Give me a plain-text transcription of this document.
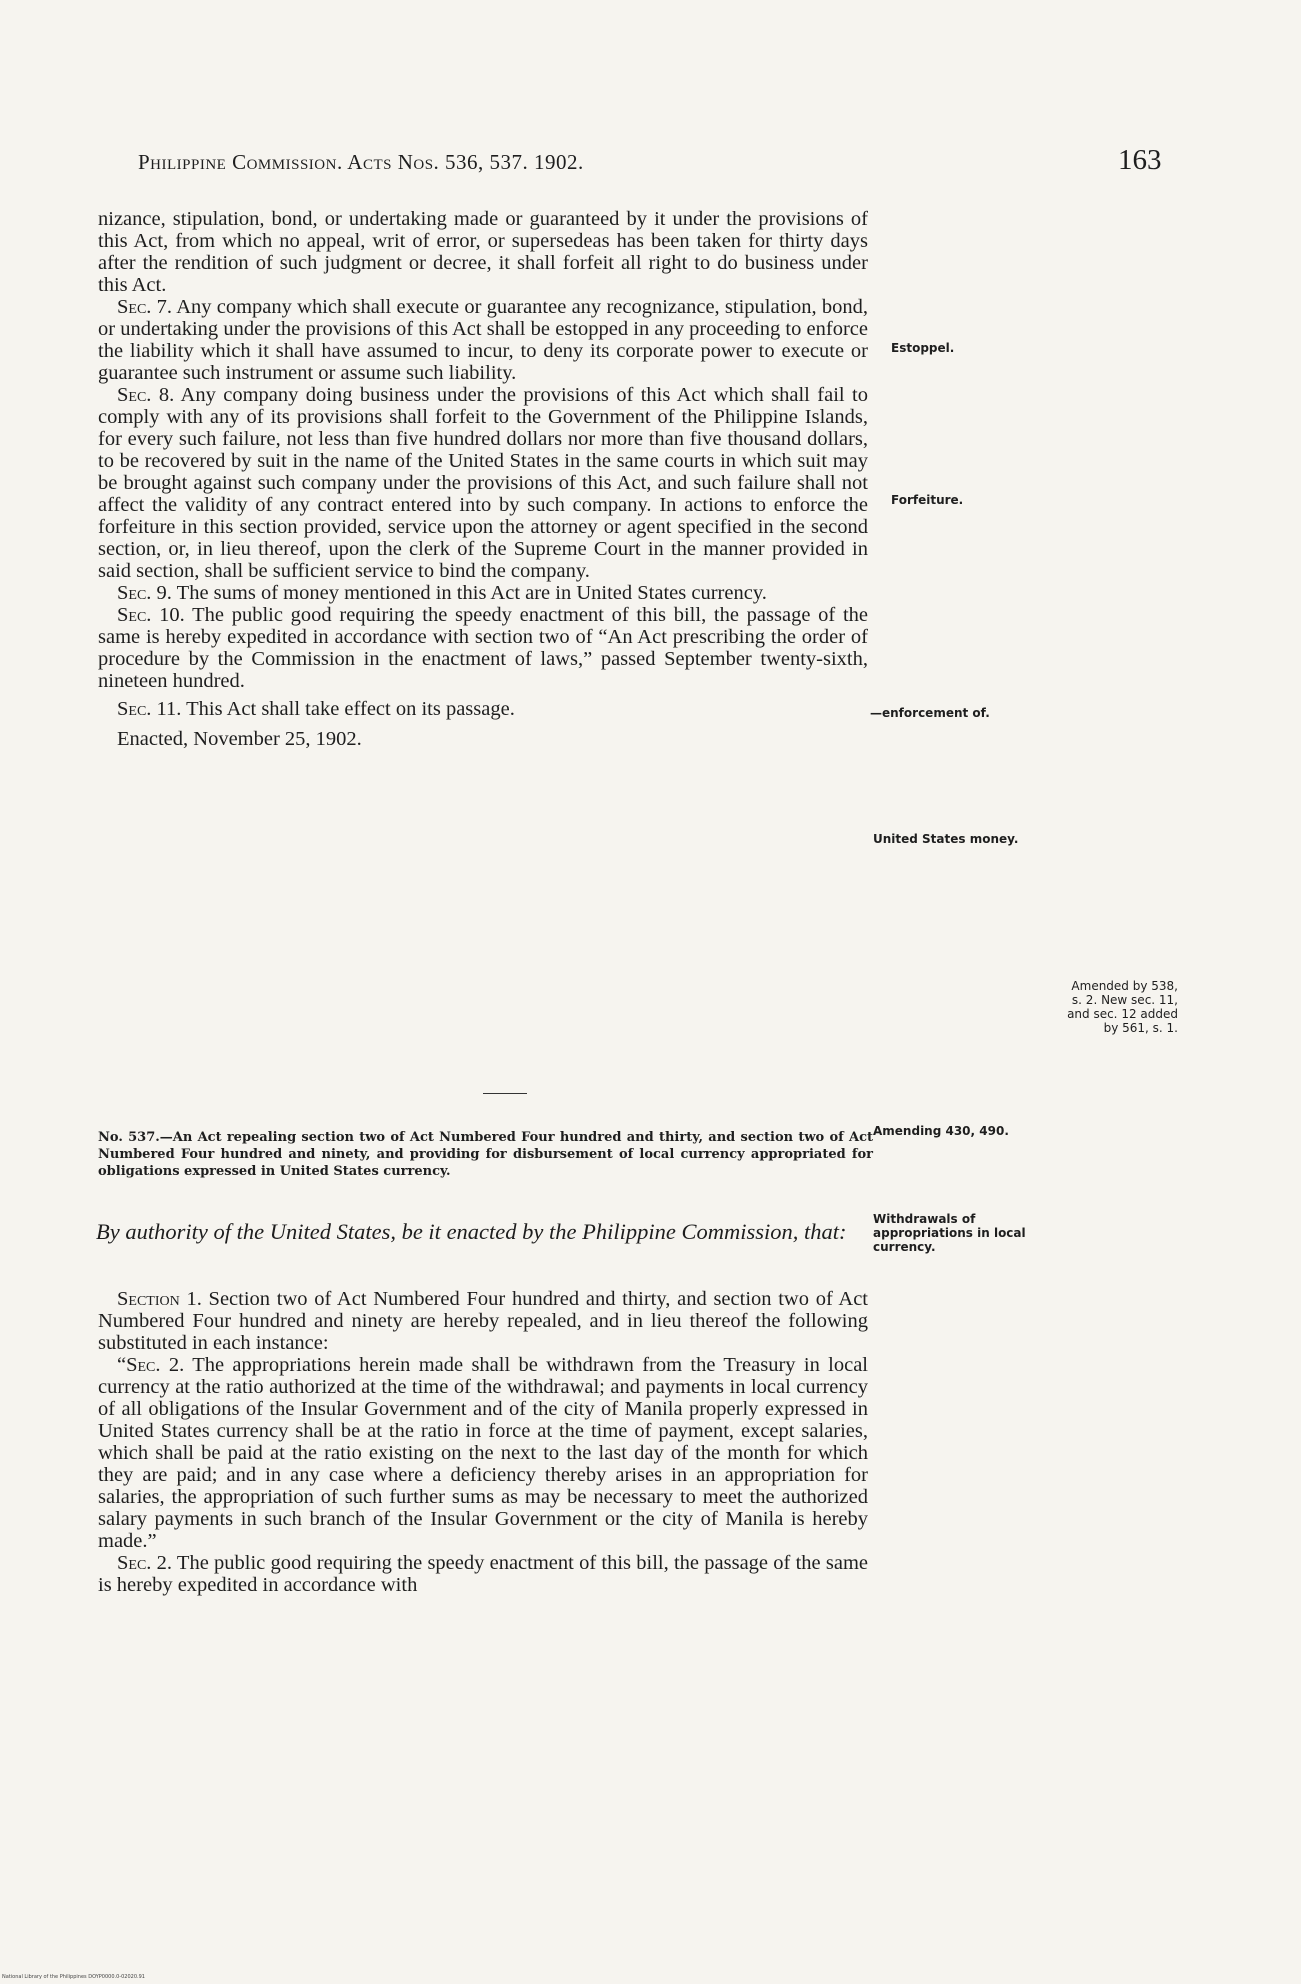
Philippine Commission. Acts Nos. 536, 537. 1902.	163

nizance, stipulation, bond, or undertaking made or guaranteed by it under the provisions of this Act, from which no appeal, writ of error, or supersedeas has been taken for thirty days after the rendition of such judgment or decree, it shall forfeit all right to do business under this Act.

Sec. 7. Any company which shall execute or guarantee any recognizance, stipulation, bond, or undertaking under the provisions of this Act shall be estopped in any proceeding to enforce the liability which it shall have assumed to incur, to deny its corporate power to execute or guarantee such instrument or assume such liability.

Sec. 8. Any company doing business under the provisions of this Act which shall fail to comply with any of its provisions shall forfeit to the Government of the Philippine Islands, for every such failure, not less than five hundred dollars nor more than five thousand dollars, to be recovered by suit in the name of the United States in the same courts in which suit may be brought against such company under the provisions of this Act, and such failure shall not affect the validity of any contract entered into by such company. In actions to enforce the forfeiture in this section provided, service upon the attorney or agent specified in the second section, or, in lieu thereof, upon the clerk of the Supreme Court in the manner provided in said section, shall be sufficient service to bind the company.

Sec. 9. The sums of money mentioned in this Act are in United States currency.

Sec. 10. The public good requiring the speedy enactment of this bill, the passage of the same is hereby expedited in accordance with section two of “An Act prescribing the order of procedure by the Commission in the enactment of laws,” passed September twenty-sixth, nineteen hundred.

Sec. 11. This Act shall take effect on its passage.

Enacted, November 25, 1902.

No. 537.—An Act repealing section two of Act Numbered Four hundred and thirty, and section two of Act Numbered Four hundred and ninety, and providing for disbursement of local currency appropriated for obligations expressed in United States currency.
By authority of the United States, be it enacted by the Philippine Commission, that:

Section 1. Section two of Act Numbered Four hundred and thirty, and section two of Act Numbered Four hundred and ninety are hereby repealed, and in lieu thereof the following substituted in each instance:

“Sec. 2. The appropriations herein made shall be withdrawn from the Treasury in local currency at the ratio authorized at the time of the withdrawal; and payments in local currency of all obligations of the Insular Government and of the city of Manila properly expressed in United States currency shall be at the ratio in force at the time of payment, except salaries, which shall be paid at the ratio existing on the next to the last day of the month for which they are paid; and in any case where a deficiency thereby arises in an appropriation for salaries, the appropriation of such further sums as may be necessary to meet the authorized salary payments in such branch of the Insular Government or the city of Manila is hereby made.”

Sec. 2. The public good requiring the speedy enactment of this bill, the passage of the same is hereby expedited in accordance with

Estoppel.
Forfeiture.
—enforcement of.
United States money.
Amended by 538, s. 2. New sec. 11, and sec. 12 added by 561, s. 1.
Amending 430, 490.
Withdrawals of appropriations in local currency.
National Library of the Philippines DOYP0000.0-02020.91
